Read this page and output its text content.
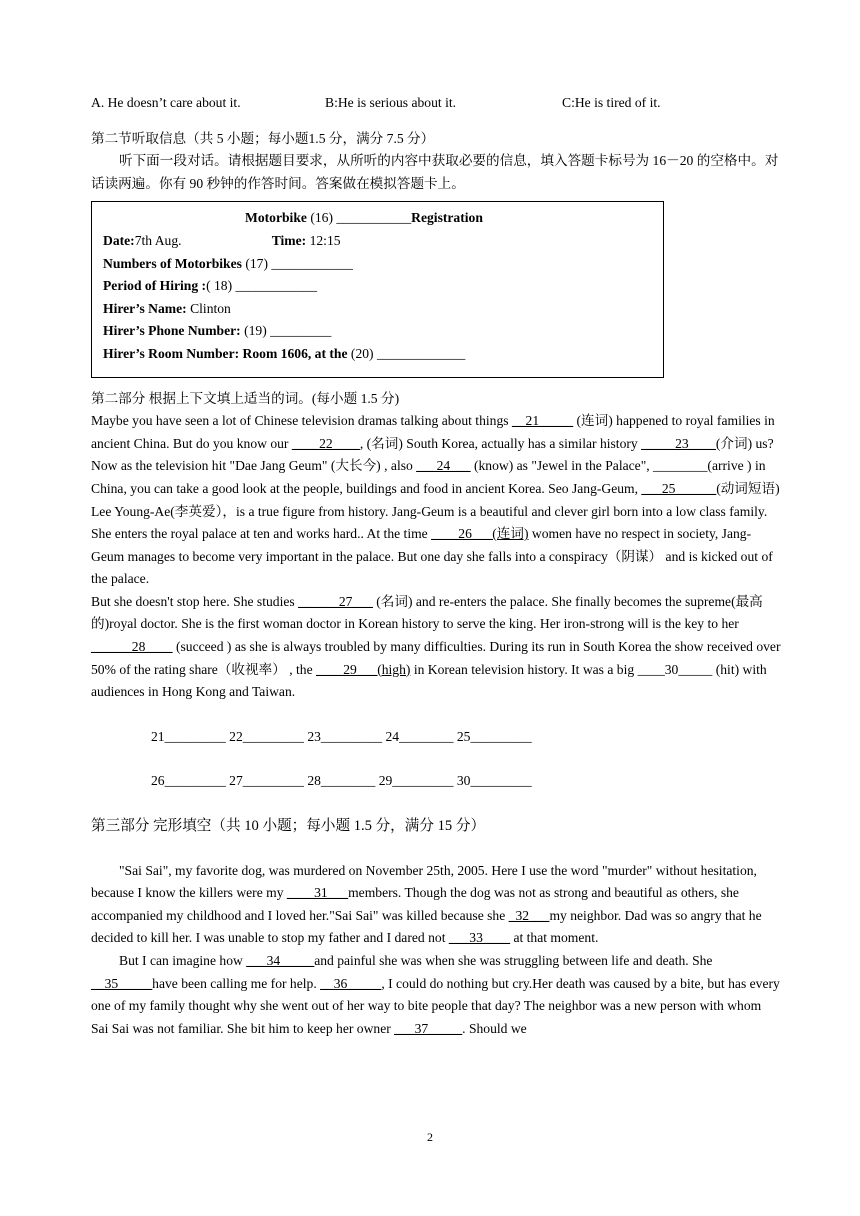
A. He doesn’t care about it.	B:He is serious about it.	C:He is tired of it.
第二节听取信息（共 5 小题；每小题1.5 分，满分 7.5 分）

听下面一段对话。请根据题目要求，从所听的内容中获取必要的信息，填入答题卡标号为 16－20 的空格中。对话读两遍。你有 90 秒钟的作答时间。答案做在模拟答题卡上。

Motorbike (16) ___________Registration
Date:7th Aug.	Time: 12:15
Numbers of Motorbikes (17) ____________
Period of Hiring :( 18) ____________
Hirer’s Name: Clinton
Hirer’s Phone Number: (19) _________
Hirer’s Room Number: Room 1606, at the (20) _____________
第二部分 根据上下文填上适当的词。(每小题 1.5 分)

Maybe you have seen a lot of Chinese television dramas talking about things __21_____ (连词) happened to royal families in ancient China. But do you know our ____22____, (名词) South Korea, actually has a similar history _____23____(介词) us?Now as the television hit "Dae Jang Geum" (大长今) , also ___24___ (know) as "Jewel in the Palace", ________(arrive ) in China, you can take a good look at the people, buildings and food in ancient Korea. Seo Jang-Geum, ___25______(动词短语) Lee Young-Ae(李英爱），is a true figure from history. Jang-Geum is a beautiful and clever girl born into a low class family. She enters the royal palace at ten and works hard.. At the time ____26___(连词) women have no respect in society, Jang-Geum manages to become very important in the palace. But one day she falls into a conspiracy（阴谋） and is kicked out of the palace.

But she doesn't stop here. She studies ______27___ (名词) and re-enters the palace. She finally becomes the supreme(最高的)royal doctor. She is the first woman doctor in Korean history to serve the king. Her iron-strong will is the key to her ______28____ (succeed ) as she is always troubled by many difficulties. During its run in South Korea the show received over 50% of the rating share（收视率） , the ____29___(high) in Korean television history. It was a big ____30_____ (hit) with audiences in Hong Kong and Taiwan.

21_________ 22_________ 23_________ 24________ 25_________
26_________ 27_________ 28________ 29_________ 30_________
第三部分 完形填空（共 10 小题；每小题 1.5 分，满分 15 分）

"Sai Sai", my favorite dog, was murdered on November 25th, 2005. Here I use the word "murder" without hesitation, because I know the killers were my ____31___members. Though the dog was not as strong and beautiful as others, she accompanied my childhood and I loved her."Sai Sai" was killed because she _32___my neighbor. Dad was so angry that he decided to kill her. I was unable to stop my father and I dared not ___33____ at that moment.

But I can imagine how ___34_____and painful she was when she was struggling between life and death. She __35_____have been calling me for help. __36_____, I could do nothing but cry.Her death was caused by a bite, but has every one of my family thought why she went out of her way to bite people that day? The neighbor was a new person with whom Sai Sai was not familiar. She bit him to keep her owner ___37_____. Should we

2
